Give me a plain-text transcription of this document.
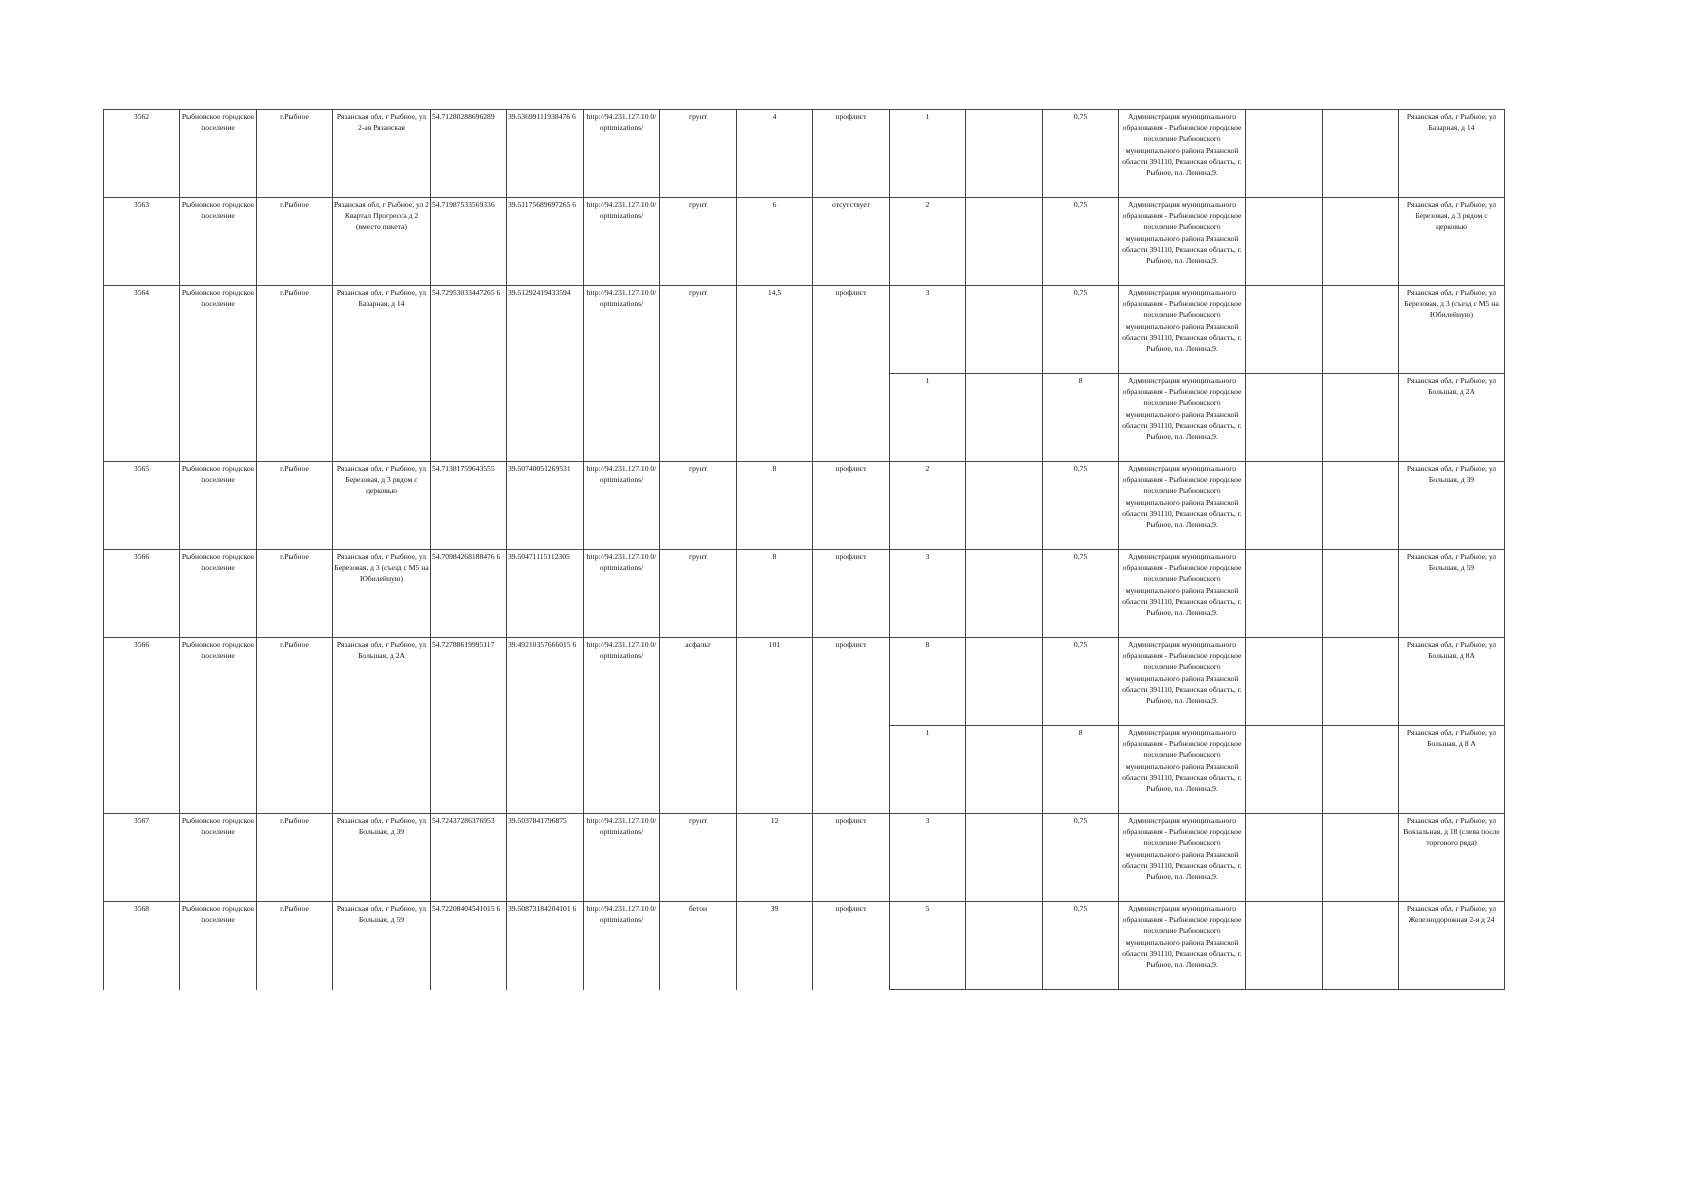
3562	Рыбновское городское поселение	г.Рыбное	Рязанская обл, г Рыбное, ул 2-ая Рязанская	54.71280288696289	39.53699111938476 6	http://94.231.127.10 0/optimizations/	грунт	4	профлист	1		0,75	Администрация муниципального образования - Рыбновское городское поселение Рыбновского муниципального района Рязанской области 391110, Рязанская область, г. Рыбное, пл. Ленина,9.			Рязанская обл, г Рыбное, ул Базарная, д 14
3563	Рыбновское городское поселение	г.Рыбное	Рязанская обл, г Рыбное, ул 2 Квартал Прогресса д 2 (вместо пикета)	54.71987533569336	39.51175689697265 6	http://94.231.127.10 0/optimizations/	грунт	6	отсутствует	2		0,75	Администрация муниципального образования - Рыбновское городское поселение Рыбновского муниципального района Рязанской области 391110, Рязанская область, г. Рыбное, пл. Ленина,9.			Рязанская обл, г Рыбное, ул Березовая, д 3 рядом с церковью
3564	Рыбновское городское поселение	г.Рыбное	Рязанская обл, г Рыбное, ул Базарная, д 14	54.72953033447265 6	39.51292419433594	http://94.231.127.10 0/optimizations/	грунт	14,5	профлист	3		0,75	Администрация муниципального образования - Рыбновское городское поселение Рыбновского муниципального района Рязанской области 391110, Рязанская область, г. Рыбное, пл. Ленина,9.			Рязанская обл, г Рыбное, ул Березовая, д 3 (съезд с М5 на Юбилейную)
										1		8	Администрация муниципального образования - Рыбновское городское поселение Рыбновского муниципального района Рязанской области 391110, Рязанская область, г. Рыбное, пл. Ленина,9.			Рязанская обл, г Рыбное, ул Большая, д 2А
3565	Рыбновское городское поселение	г.Рыбное	Рязанская обл, г Рыбное, ул Березовая, д 3 рядом с церковью	54.71381759643555	39.50740051269531	http://94.231.127.10 0/optimizations/	грунт	8	профлист	2		0,75	Администрация муниципального образования - Рыбновское городское поселение Рыбновского муниципального района Рязанской области 391110, Рязанская область, г. Рыбное, пл. Ленина,9.			Рязанская обл, г Рыбное, ул Большая, д 39
3566	Рыбновское городское поселение	г.Рыбное	Рязанская обл, г Рыбное, ул Березовая, д 3 (съезд с М5 на Юбилейную)	54.70984268188476 6	39.50471115112305	http://94.231.127.10 0/optimizations/	грунт	8	профлист	3		0,75	Администрация муниципального образования - Рыбновское городское поселение Рыбновского муниципального района Рязанской области 391110, Рязанская область, г. Рыбное, пл. Ленина,9.			Рязанская обл, г Рыбное, ул Большая, д 59
3566	Рыбновское городское поселение	г.Рыбное	Рязанская обл, г Рыбное, ул Большая, д 2А	54.72788619995117	39.49210357666015 6	http://94.231.127.10 0/optimizations/	асфальт	101	профлист	8		0,75	Администрация муниципального образования - Рыбновское городское поселение Рыбновского муниципального района Рязанской области 391110, Рязанская область, г. Рыбное, пл. Ленина,9.			Рязанская обл, г Рыбное, ул Большая, д 8А
										1		8	Администрация муниципального образования - Рыбновское городское поселение Рыбновского муниципального района Рязанской области 391110, Рязанская область, г. Рыбное, пл. Ленина,9.			Рязанская обл, г Рыбное, ул Большая, д 8 А
3567	Рыбновское городское поселение	г.Рыбное	Рязанская обл, г Рыбное, ул Большая, д 39	54.72437286376953	39.5037841796875	http://94.231.127.10 0/optimizations/	грунт	12	профлист	3		0,75	Администрация муниципального образования - Рыбновское городское поселение Рыбновского муниципального района Рязанской области 391110, Рязанская область, г. Рыбное, пл. Ленина,9.			Рязанская обл, г Рыбное, ул Вокзальная, д 18 (слева после торгового ряда)
3568	Рыбновское городское поселение	г.Рыбное	Рязанская обл, г Рыбное, ул Большая, д 59	54.72208404541015 6	39.50873184204101 6	http://94.231.127.10 0/optimizations/	бетон	39	профлист	5		0,75	Администрация муниципального образования - Рыбновское городское поселение Рыбновского муниципального района Рязанской области 391110, Рязанская область, г. Рыбное, пл. Ленина,9.			Рязанская обл, г Рыбное, ул Железнодорожная 2-я д 24
